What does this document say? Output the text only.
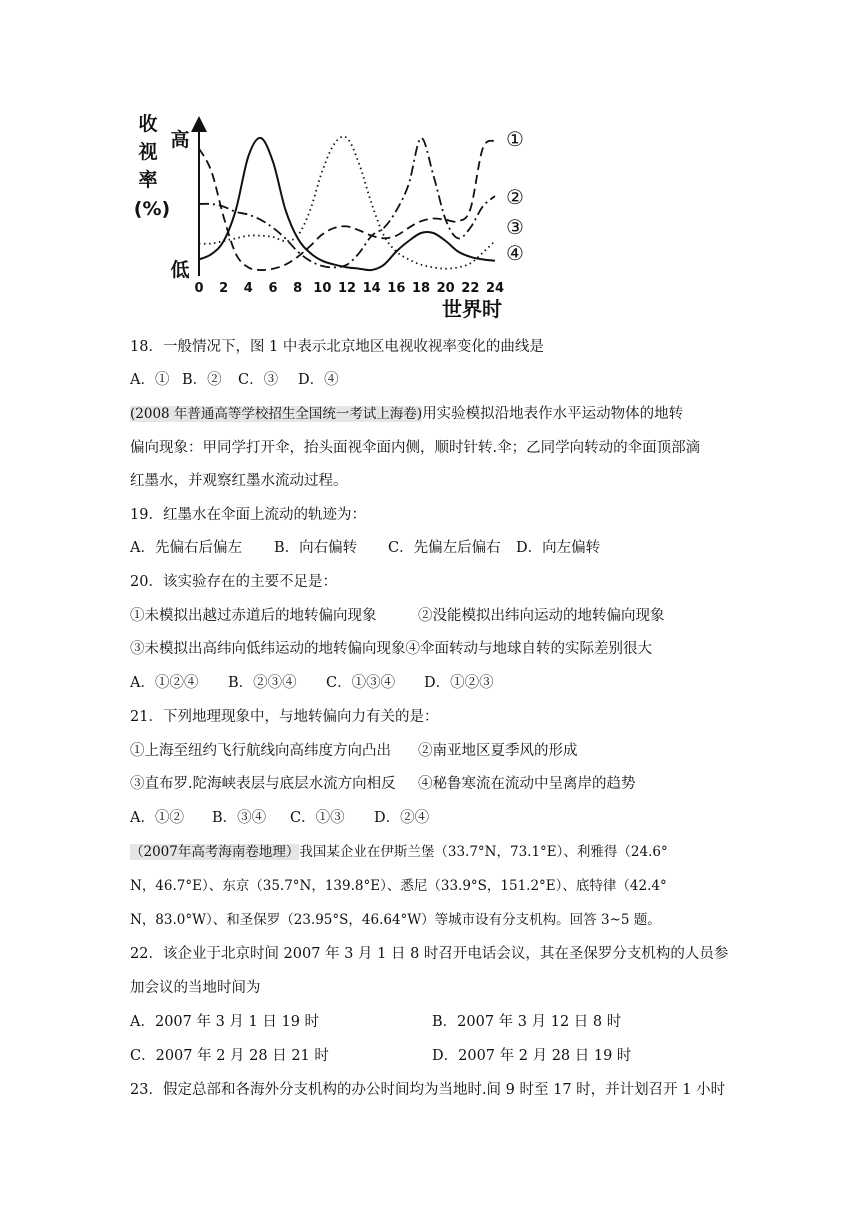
收
视
率
(%)
高
低
0 2 4 6 8 10 12 14 16 18 20 22 24
①
②
③
④
世界时
18．一般情况下，图 1 中表示北京地区电视收视率变化的曲线是
A．① B．② C．③ D．④
(2008 年普通高等学校招生全国统一考试上海卷)用实验模拟沿地表作水平运动物体的地转
偏向现象：甲同学打开伞，抬头面视伞面内侧，顺时针转.伞；乙同学向转动的伞面顶部滴
红墨水，并观察红墨水流动过程。
19．红墨水在伞面上流动的轨迹为：
A．先偏右后偏左 B．向右偏转 C．先偏左后偏右 D．向左偏转
20．该实验存在的主要不足是：
①未模拟出越过赤道后的地转偏向现象	②没能模拟出纬向运动的地转偏向现象
③未模拟出高纬向低纬运动的地转偏向现象④伞面转动与地球自转的实际差别很大
A．①②④ B．②③④ C．①③④ D．①②③
21．下列地理现象中，与地转偏向力有关的是：
①上海至纽约飞行航线向高纬度方向凸出 ②南亚地区夏季风的形成
③直布罗.陀海峡表层与底层水流方向相反 ④秘鲁寒流在流动中呈离岸的趋势
A．①② B．③④ C．①③ D．②④
（2007年高考海南卷地理）我国某企业在伊斯兰堡（33.7°N，73.1°E）、利雅得（24.6°
N，46.7°E）、东京（35.7°N，139.8°E）、悉尼（33.9°S，151.2°E）、底特律（42.4°
N，83.0°W）、和圣保罗（23.95°S，46.64°W）等城市设有分支机构。回答 3~5 题。
22．该企业于北京时间 2007 年 3 月 1 日 8 时召开电话会议，其在圣保罗分支机构的人员参
加会议的当地时间为
A．2007 年 3 月 1 日 19 时	B．2007 年 3 月 12 日 8 时
C．2007 年 2 月 28 日 21 时	D．2007 年 2 月 28 日 19 时
23．假定总部和各海外分支机构的办公时间均为当地时.间 9 时至 17 时，并计划召开 1 小时
